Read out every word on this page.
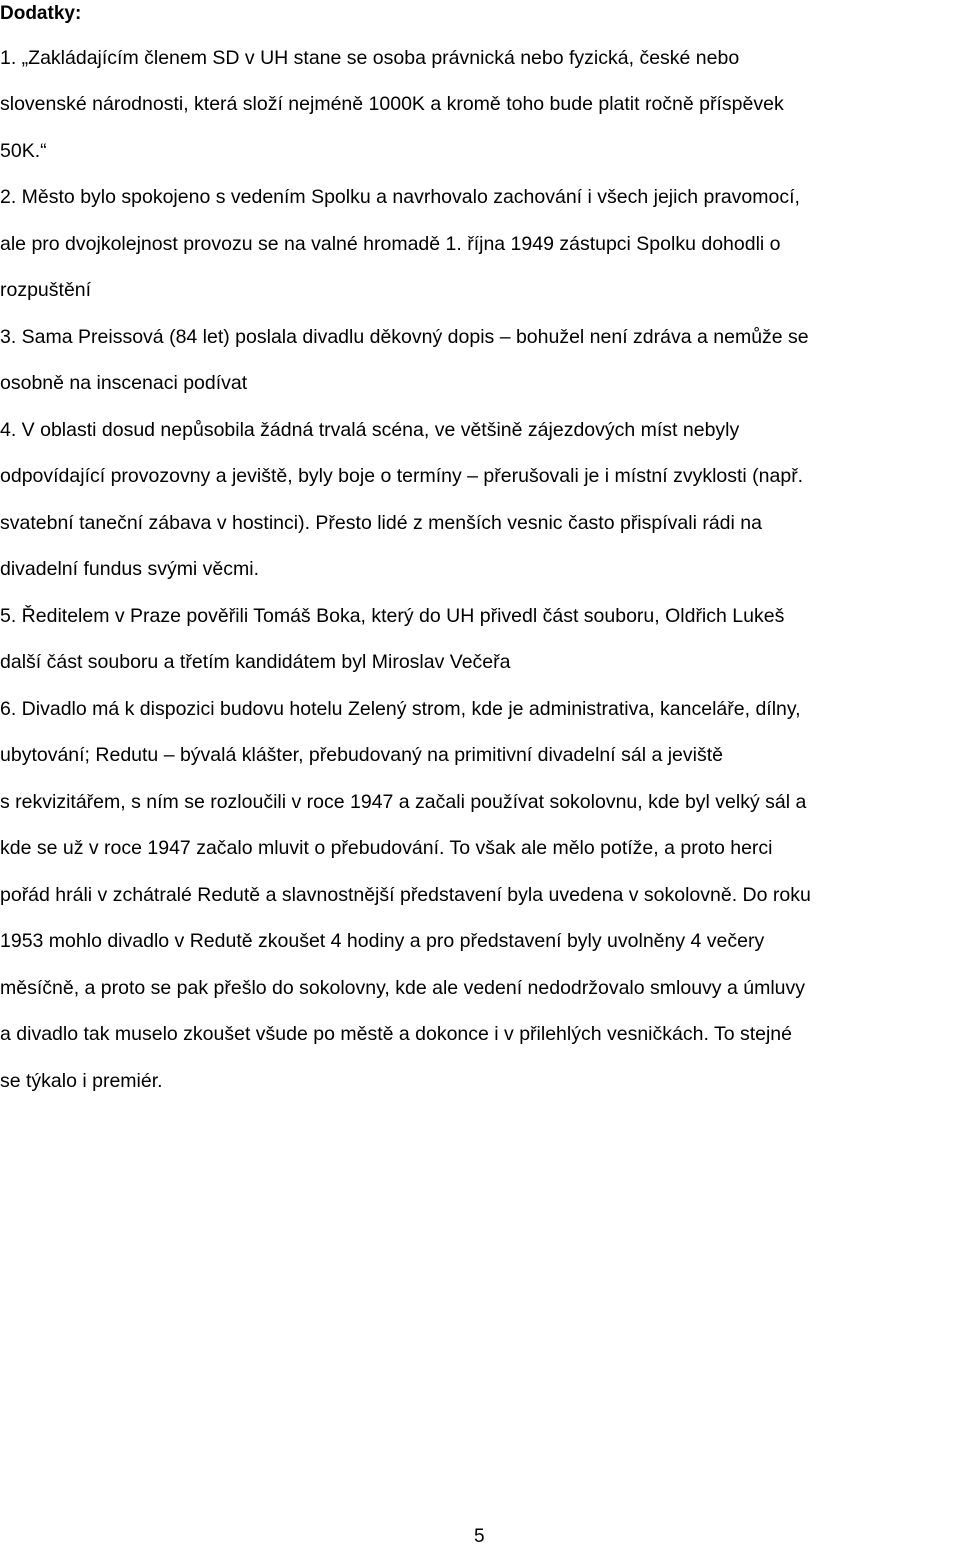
Dodatky:

1. „Zakládajícím členem SD v UH stane se osoba právnická nebo fyzická, české nebo

slovenské národnosti, která složí nejméně 1000K a kromě toho bude platit ročně příspěvek

50K.“

2. Město bylo spokojeno s vedením Spolku a navrhovalo zachování i všech jejich pravomocí,

ale pro dvojkolejnost provozu se na valné hromadě 1. října 1949 zástupci Spolku dohodli o

rozpuštění

3. Sama Preissová (84 let) poslala divadlu děkovný dopis – bohužel není zdráva a nemůže se

osobně na inscenaci podívat

4. V oblasti dosud nepůsobila žádná trvalá scéna, ve většině zájezdových míst nebyly

odpovídající provozovny a jeviště, byly boje o termíny – přerušovali je i místní zvyklosti (např.

svatební taneční zábava v hostinci). Přesto lidé z menších vesnic často přispívali rádi na

divadelní fundus svými věcmi.

5. Ředitelem v Praze pověřili Tomáš Boka, který do UH přivedl část souboru, Oldřich Lukeš

další část souboru a třetím kandidátem byl Miroslav Večeřa

6. Divadlo má k dispozici budovu hotelu Zelený strom, kde je administrativa, kanceláře, dílny,

ubytování; Redutu – bývalá klášter, přebudovaný na primitivní divadelní sál a jeviště

s rekvizitářem, s ním se rozloučili v roce 1947 a začali používat sokolovnu, kde byl velký sál a

kde se už v roce 1947 začalo mluvit o přebudování. To však ale mělo potíže, a proto herci

pořád hráli v zchátralé Redutě a slavnostnější představení byla uvedena v sokolovně. Do roku

1953 mohlo divadlo v Redutě zkoušet 4 hodiny a pro představení byly uvolněny 4 večery

měsíčně, a proto se pak přešlo do sokolovny, kde ale vedení nedodržovalo smlouvy a úmluvy

a divadlo tak muselo zkoušet všude po městě a dokonce i v přilehlých vesničkách. To stejné

se týkalo i premiér.

5
